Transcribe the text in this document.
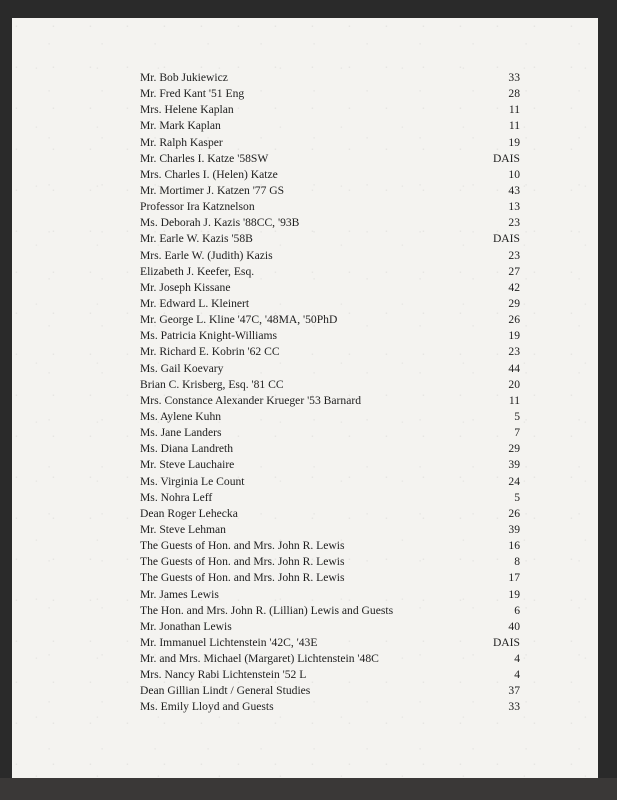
Mr. Bob Jukiewicz	33
Mr. Fred Kant '51 Eng	28
Mrs. Helene Kaplan	11
Mr. Mark Kaplan	11
Mr. Ralph Kasper	19
Mr. Charles I. Katze '58SW	DAIS
Mrs. Charles I. (Helen) Katze	10
Mr. Mortimer J. Katzen '77 GS	43
Professor Ira Katznelson	13
Ms. Deborah J. Kazis '88CC, '93B	23
Mr. Earle W. Kazis '58B	DAIS
Mrs. Earle W. (Judith) Kazis	23
Elizabeth J. Keefer, Esq.	27
Mr. Joseph Kissane	42
Mr. Edward L. Kleinert	29
Mr. George L. Kline '47C, '48MA, '50PhD	26
Ms. Patricia Knight-Williams	19
Mr. Richard E. Kobrin '62 CC	23
Ms. Gail Koevary	44
Brian C. Krisberg, Esq. '81 CC	20
Mrs. Constance Alexander Krueger '53 Barnard	11
Ms. Aylene Kuhn	5
Ms. Jane Landers	7
Ms. Diana Landreth	29
Mr. Steve Lauchaire	39
Ms. Virginia Le Count	24
Ms. Nohra Leff	5
Dean Roger Lehecka	26
Mr. Steve Lehman	39
The Guests of Hon. and Mrs. John R. Lewis	16
The Guests of Hon. and Mrs. John R. Lewis	8
The Guests of Hon. and Mrs. John R. Lewis	17
Mr. James Lewis	19
The Hon. and Mrs. John R. (Lillian) Lewis and Guests	6
Mr. Jonathan Lewis	40
Mr. Immanuel Lichtenstein '42C, '43E	DAIS
Mr. and Mrs. Michael (Margaret) Lichtenstein '48C	4
Mrs. Nancy Rabi Lichtenstein '52 L	4
Dean Gillian Lindt / General Studies	37
Ms. Emily Lloyd and Guests	33
